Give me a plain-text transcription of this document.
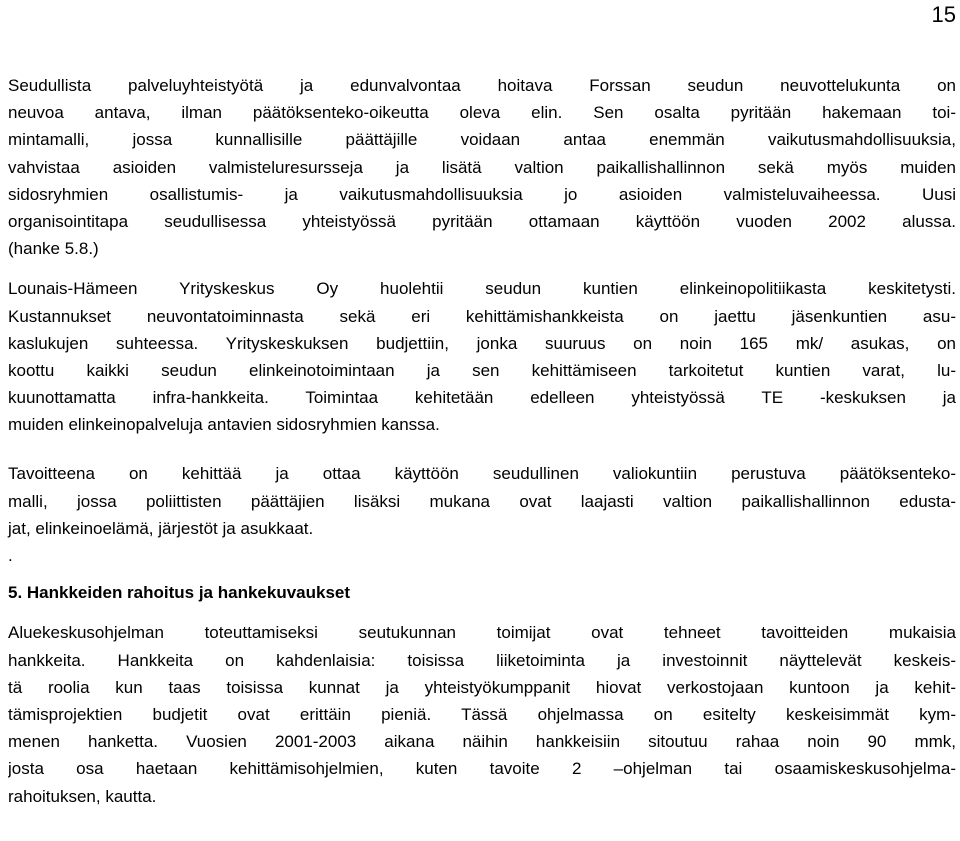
15
Seudullista palveluyhteistyötä ja edunvalvontaa hoitava Forssan seudun neuvottelukunta on
neuvoa antava, ilman päätöksenteko-oikeutta oleva elin. Sen osalta pyritään hakemaan toi-
mintamalli, jossa kunnallisille päättäjille voidaan antaa enemmän vaikutusmahdollisuuksia,
vahvistaa asioiden valmisteluresursseja ja lisätä valtion paikallishallinnon sekä myös muiden
sidosryhmien osallistumis- ja vaikutusmahdollisuuksia jo asioiden valmisteluvaiheessa. Uusi
organisointitapa seudullisessa yhteistyössä pyritään ottamaan käyttöön vuoden 2002 alussa.
(hanke 5.8.)
Lounais-Hämeen Yrityskeskus Oy huolehtii seudun kuntien elinkeinopolitiikasta keskitetysti.
Kustannukset neuvontatoiminnasta sekä eri kehittämishankkeista on jaettu jäsenkuntien asu-
kaslukujen suhteessa. Yrityskeskuksen budjettiin, jonka suuruus on noin 165 mk/ asukas, on
koottu kaikki seudun elinkeinotoimintaan ja sen kehittämiseen tarkoitetut kuntien varat, lu-
kuunottamatta infra-hankkeita. Toimintaa kehitetään edelleen yhteistyössä TE -keskuksen ja
muiden elinkeinopalveluja antavien sidosryhmien kanssa.
Tavoitteena on kehittää ja ottaa käyttöön seudullinen valiokuntiin perustuva päätöksenteko-
malli, jossa poliittisten päättäjien lisäksi mukana ovat laajasti valtion paikallishallinnon edusta-
jat, elinkeinoelämä, järjestöt ja asukkaat.
.
5. Hankkeiden rahoitus ja hankekuvaukset
Aluekeskusohjelman toteuttamiseksi seutukunnan toimijat ovat tehneet tavoitteiden mukaisia
hankkeita. Hankkeita on kahdenlaisia: toisissa liiketoiminta ja investoinnit näyttelevät keskeis-
tä roolia kun taas toisissa kunnat ja yhteistyökumppanit hiovat verkostojaan kuntoon ja kehit-
tämisprojektien budjetit ovat erittäin pieniä. Tässä ohjelmassa on esitelty keskeisimmät kym-
menen hanketta. Vuosien 2001-2003 aikana näihin hankkeisiin sitoutuu rahaa noin 90 mmk,
josta osa haetaan kehittämisohjelmien, kuten tavoite 2 –ohjelman tai osaamiskeskusohjelma-
rahoituksen, kautta.
